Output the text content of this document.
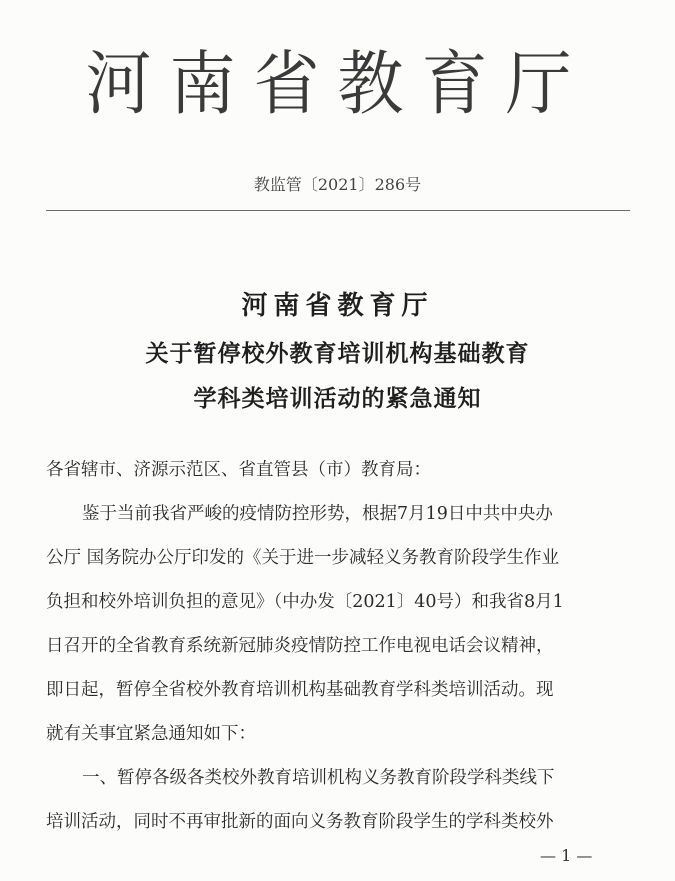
河南省教育厅
教监管〔2021〕286号
河南省教育厅
关于暂停校外教育培训机构基础教育
学科类培训活动的紧急通知
各省辖市、济源示范区、省直管县（市）教育局：
鉴于当前我省严峻的疫情防控形势，根据7月19日中共中央办
公厅 国务院办公厅印发的《关于进一步减轻义务教育阶段学生作业
负担和校外培训负担的意见》（中办发〔2021〕40号）和我省8月1
日召开的全省教育系统新冠肺炎疫情防控工作电视电话会议精神，
即日起，暂停全省校外教育培训机构基础教育学科类培训活动。现
就有关事宜紧急通知如下：
一、暂停各级各类校外教育培训机构义务教育阶段学科类线下
培训活动，同时不再审批新的面向义务教育阶段学生的学科类校外
— 1 —
